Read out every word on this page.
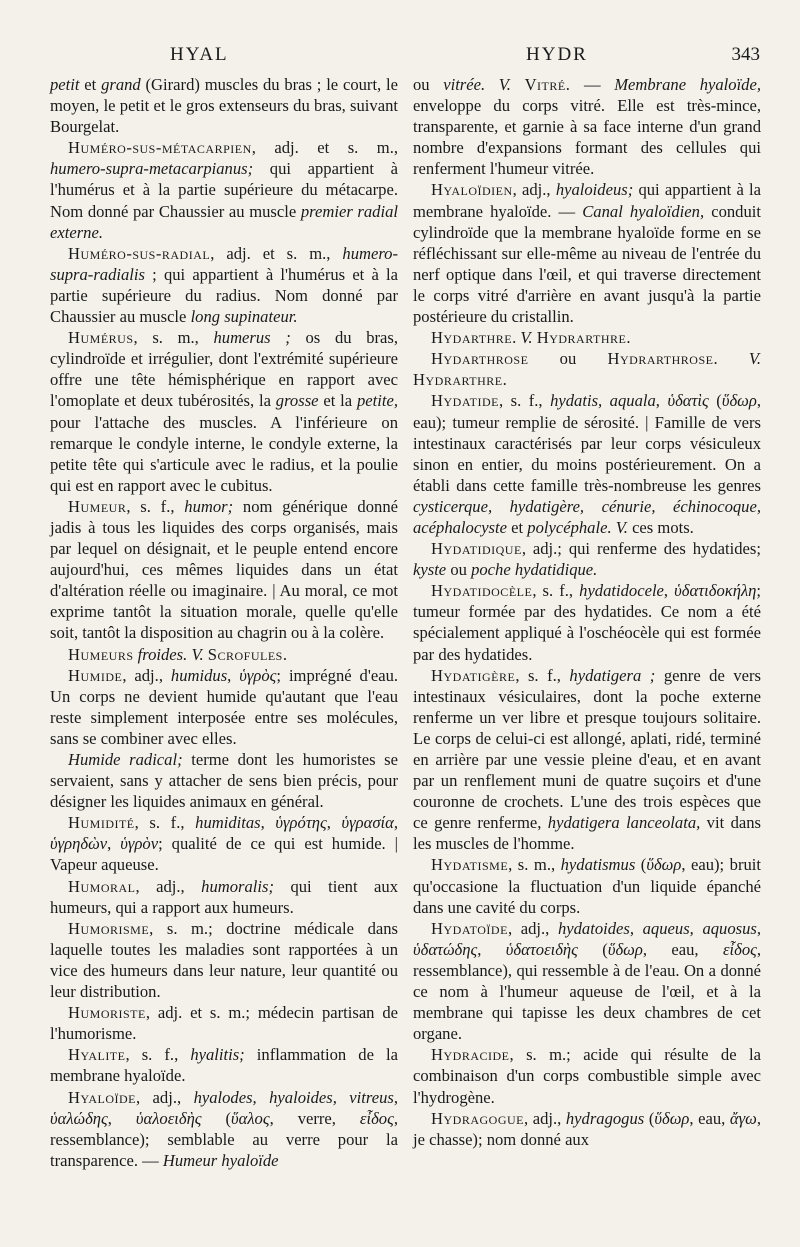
HYAL	HYDR	343

petit et grand (Girard) muscles du bras ; le court, le moyen, le petit et le gros extenseurs du bras, suivant Bourgelat.

Huméro-sus-métacarpien, adj. et s. m., humero-supra-metacarpianus; qui appartient à l'humérus et à la partie supérieure du métacarpe. Nom donné par Chaussier au muscle premier radial externe.

Huméro-sus-radial, adj. et s. m., humero-supra-radialis ; qui appartient à l'humérus et à la partie supérieure du radius. Nom donné par Chaussier au muscle long supinateur.

Humérus, s. m., humerus ; os du bras, cylindroïde et irrégulier, dont l'extrémité supérieure offre une tête hémisphérique en rapport avec l'omoplate et deux tubérosités, la grosse et la petite, pour l'attache des muscles. A l'inférieure on remarque le condyle interne, le condyle externe, la petite tête qui s'articule avec le radius, et la poulie qui est en rapport avec le cubitus.

Humeur, s. f., humor; nom générique donné jadis à tous les liquides des corps organisés, mais par lequel on désignait, et le peuple entend encore aujourd'hui, ces mêmes liquides dans un état d'altération réelle ou imaginaire. | Au moral, ce mot exprime tantôt la situation morale, quelle qu'elle soit, tantôt la disposition au chagrin ou à la colère.

Humeurs froides. V. Scrofules.

Humide, adj., humidus, ὑγρὸς; imprégné d'eau. Un corps ne devient humide qu'autant que l'eau reste simplement interposée entre ses molécules, sans se combiner avec elles.

Humide radical; terme dont les humoristes se servaient, sans y attacher de sens bien précis, pour désigner les liquides animaux en général.

Humidité, s. f., humiditas, ὑγρότης, ὑγρασία, ὑγρηδὼν, ὑγρὸν; qualité de ce qui est humide. | Vapeur aqueuse.

Humoral, adj., humoralis; qui tient aux humeurs, qui a rapport aux humeurs.

Humorisme, s. m.; doctrine médicale dans laquelle toutes les maladies sont rapportées à un vice des humeurs dans leur nature, leur quantité ou leur distribution.

Humoriste, adj. et s. m.; médecin partisan de l'humorisme.

Hyalite, s. f., hyalitis; inflammation de la membrane hyaloïde.

Hyaloïde, adj., hyalodes, hyaloides, vitreus, ὑαλώδης, ὑαλοειδὴς (ὕαλος, verre, εἶδος, ressemblance); semblable au verre pour la transparence. — Humeur hyaloïde

ou vitrée. V. Vitré. — Membrane hyaloïde, enveloppe du corps vitré. Elle est très-mince, transparente, et garnie à sa face interne d'un grand nombre d'expansions formant des cellules qui renferment l'humeur vitrée.

Hyaloïdien, adj., hyaloideus; qui appartient à la membrane hyaloïde. — Canal hyaloïdien, conduit cylindroïde que la membrane hyaloïde forme en se réfléchissant sur elle-même au niveau de l'entrée du nerf optique dans l'œil, et qui traverse directement le corps vitré d'arrière en avant jusqu'à la partie postérieure du cristallin.

Hydarthre. V. Hydrarthre.

Hydarthrose ou Hydrarthrose. V. Hydrarthre.

Hydatide, s. f., hydatis, aquala, ὑδατὶς (ὕδωρ, eau); tumeur remplie de sérosité. | Famille de vers intestinaux caractérisés par leur corps vésiculeux sinon en entier, du moins postérieurement. On a établi dans cette famille très-nombreuse les genres cysticerque, hydatigère, cénurie, échinocoque, acéphalocyste et polycéphale. V. ces mots.

Hydatidique, adj.; qui renferme des hydatides; kyste ou poche hydatidique.

Hydatidocèle, s. f., hydatidocele, ὑδατιδοκήλη; tumeur formée par des hydatides. Ce nom a été spécialement appliqué à l'oschéocèle qui est formée par des hydatides.

Hydatigère, s. f., hydatigera ; genre de vers intestinaux vésiculaires, dont la poche externe renferme un ver libre et presque toujours solitaire. Le corps de celui-ci est allongé, aplati, ridé, terminé en arrière par une vessie pleine d'eau, et en avant par un renflement muni de quatre suçoirs et d'une couronne de crochets. L'une des trois espèces que ce genre renferme, hydatigera lanceolata, vit dans les muscles de l'homme.

Hydatisme, s. m., hydatismus (ὕδωρ, eau); bruit qu'occasione la fluctuation d'un liquide épanché dans une cavité du corps.

Hydatoïde, adj., hydatoides, aqueus, aquosus, ὑδατώδης, ὑδατοειδὴς (ὕδωρ, eau, εἶδος, ressemblance), qui ressemble à de l'eau. On a donné ce nom à l'humeur aqueuse de l'œil, et à la membrane qui tapisse les deux chambres de cet organe.

Hydracide, s. m.; acide qui résulte de la combinaison d'un corps combustible simple avec l'hydrogène.

Hydragogue, adj., hydragogus (ὕδωρ, eau, ἄγω, je chasse); nom donné aux
